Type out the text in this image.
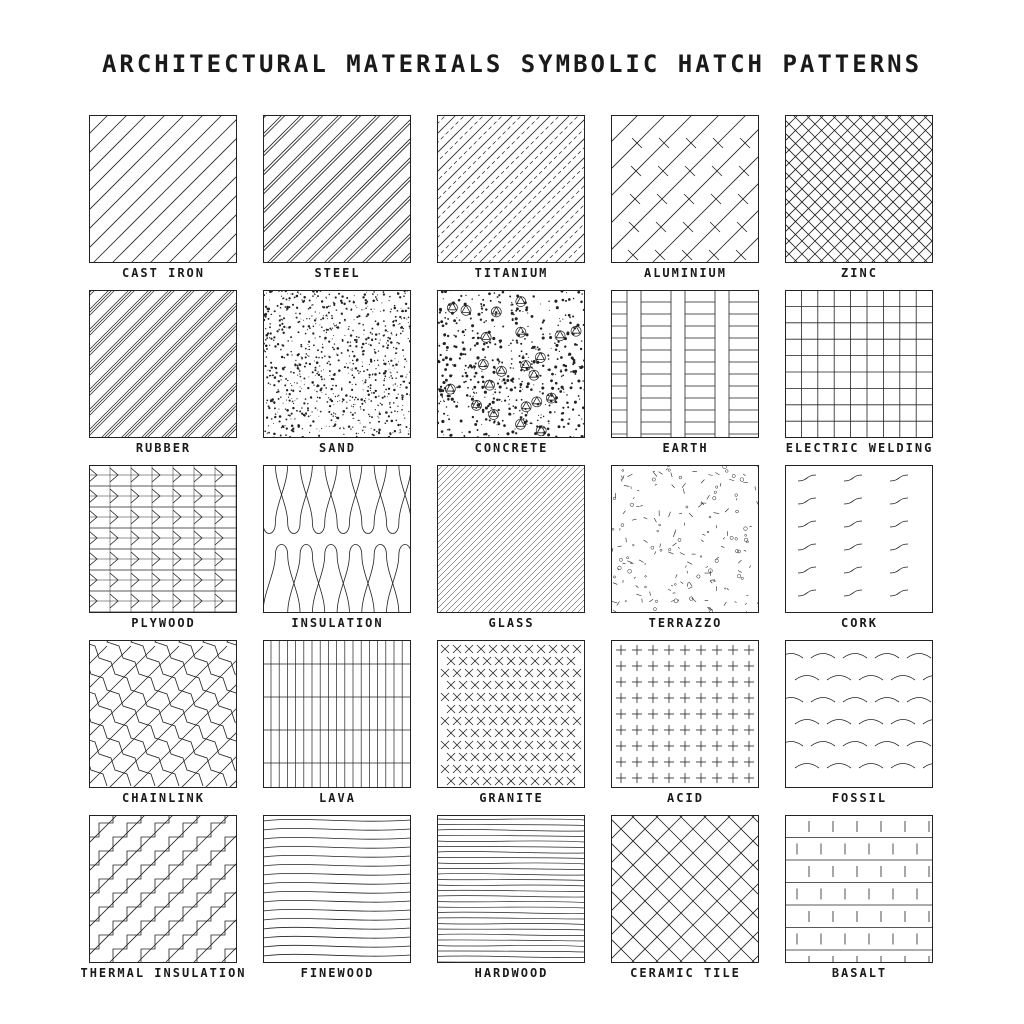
ARCHITECTURAL MATERIALS SYMBOLIC HATCH PATTERNS
CAST IRON	STEEL	TITANIUM	ALUMINIUM	ZINC
RUBBER	SAND	CONCRETE	EARTH	ELECTRIC WELDING
PLYWOOD	INSULATION	GLASS	TERRAZZO	CORK
CHAINLINK	LAVA	GRANITE	ACID	FOSSIL
THERMAL INSULATION	FINEWOOD	HARDWOOD	CERAMIC TILE	BASALT
